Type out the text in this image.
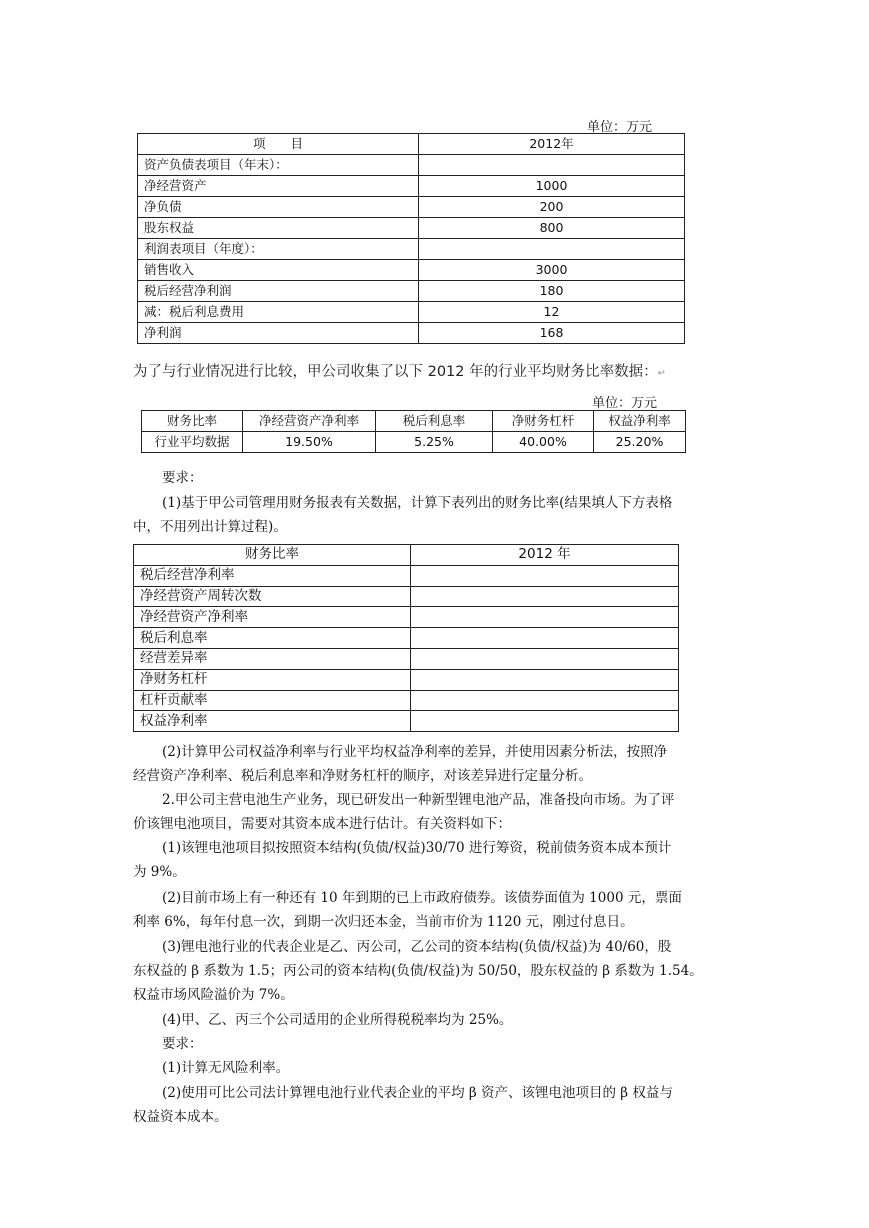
单位：万元
项　　目	2012年
资产负债表项目（年末）：	
净经营资产	1000
净负债	200
股东权益	800
利润表项目（年度）：	
销售收入	3000
税后经营净利润	180
减：税后利息费用	12
净利润	168
为了与行业情况进行比较，甲公司收集了以下 2012 年的行业平均财务比率数据：↵
单位：万元
财务比率	净经营资产净利率	税后利息率	净财务杠杆	权益净利率
行业平均数据	19.50%	5.25%	40.00%	25.20%
要求：
(1)基于甲公司管理用财务报表有关数据，计算下表列出的财务比率(结果填人下方表格
中，不用列出计算过程)。
财务比率	2012 年
税后经营净利率	
净经营资产周转次数	
净经营资产净利率	
税后利息率	
经营差异率	
净财务杠杆	
杠杆贡献率	
权益净利率	
(2)计算甲公司权益净利率与行业平均权益净利率的差异，并使用因素分析法，按照净
经营资产净利率、税后利息率和净财务杠杆的顺序，对该差异进行定量分析。
2.甲公司主营电池生产业务，现已研发出一种新型锂电池产品，准备投向市场。为了评
价该锂电池项目，需要对其资本成本进行估计。有关资料如下：
(1)该锂电池项目拟按照资本结构(负债/权益)30/70 进行筹资，税前债务资本成本预计
为 9%。
(2)目前市场上有一种还有 10 年到期的已上市政府债券。该债券面值为 1000 元，票面
利率 6%，每年付息一次，到期一次归还本金，当前市价为 1120 元，刚过付息日。
(3)锂电池行业的代表企业是乙、丙公司，乙公司的资本结构(负债/权益)为 40/60，股
东权益的 β 系数为 1.5；丙公司的资本结构(负债/权益)为 50/50，股东权益的 β 系数为 1.54。
权益市场风险溢价为 7%。
(4)甲、乙、丙三个公司适用的企业所得税税率均为 25%。
要求：
(1)计算无风险利率。
(2)使用可比公司法计算锂电池行业代表企业的平均 β 资产、该锂电池项目的 β 权益与
权益资本成本。
